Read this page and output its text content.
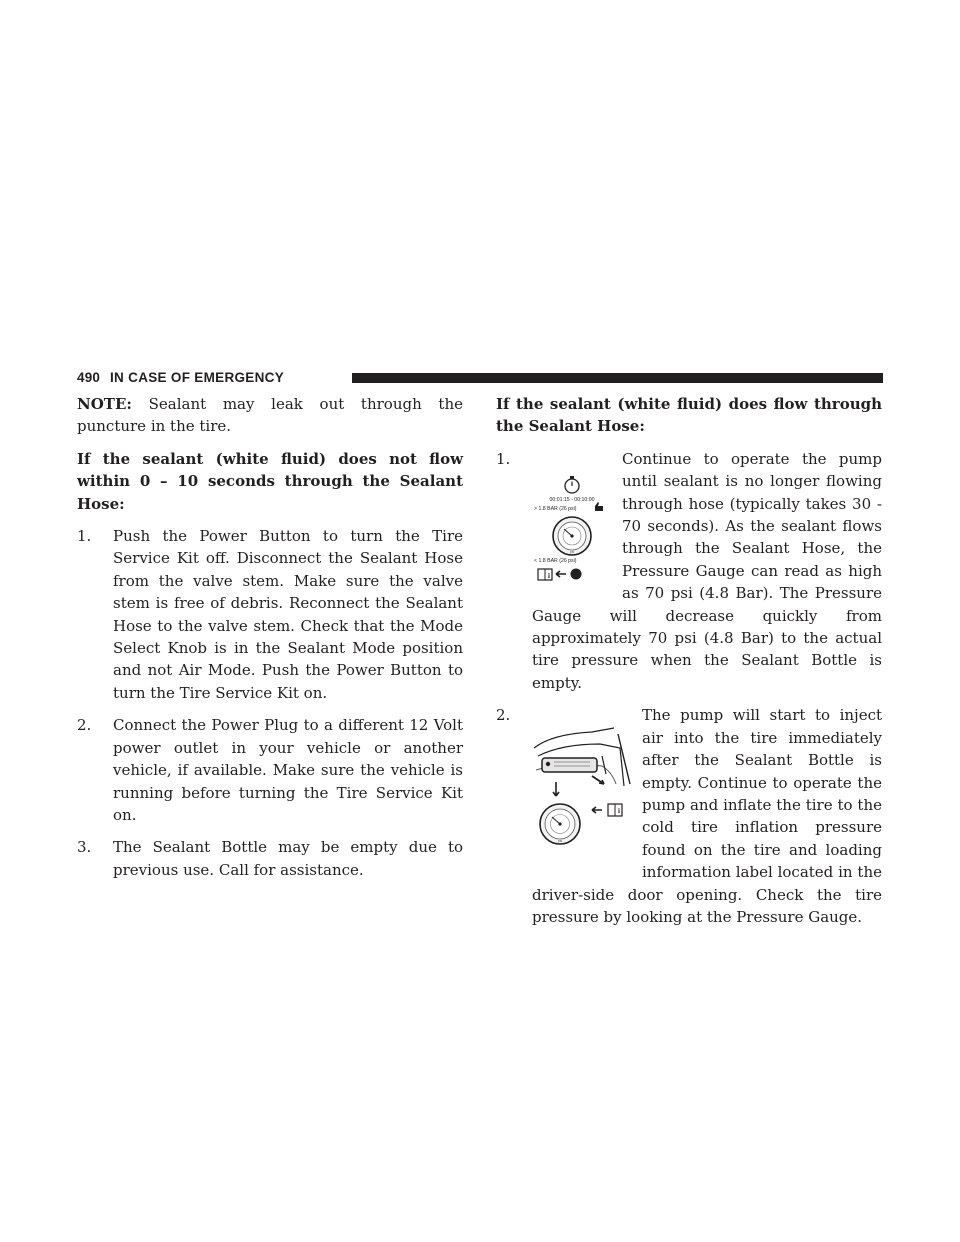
490 IN CASE OF EMERGENCY

NOTE: Sealant may leak out through the puncture in the tire.

If the sealant (white fluid) does not flow within 0 – 10 seconds through the Sealant Hose:

1. Push the Power Button to turn the Tire Service Kit off. Disconnect the Sealant Hose from the valve stem. Make sure the valve stem is free of debris. Reconnect the Sealant Hose to the valve stem. Check that the Mode Select Knob is in the Sealant Mode position and not Air Mode. Push the Power Button to turn the Tire Service Kit on.

2. Connect the Power Plug to a different 12 Volt power outlet in your vehicle or another vehicle, if available. Make sure the vehicle is running before turning the Tire Service Kit on.

3. The Sealant Bottle may be empty due to previous use. Call for assistance.

If the sealant (white fluid) does flow through the Sealant Hose:

1.
00:01:15 - 00:10:00
> 1.8 BAR (26 psi)
psi
< 1.8 BAR (26 psi)
i

Continue to operate the pump until sealant is no longer flowing through hose (typically takes 30 - 70 seconds). As the sealant flows through the Sealant Hose, the Pressure Gauge can read as high as 70 psi (4.8 Bar). The Pressure Gauge will decrease quickly from approximately 70 psi (4.8 Bar) to the actual tire pressure when the Sealant Bottle is empty.

2.
psi
i

The pump will start to inject air into the tire immediately after the Sealant Bottle is empty. Continue to operate the pump and inflate the tire to the cold tire inflation pressure found on the tire and loading information label located in the driver-side door opening. Check the tire pressure by looking at the Pressure Gauge.
